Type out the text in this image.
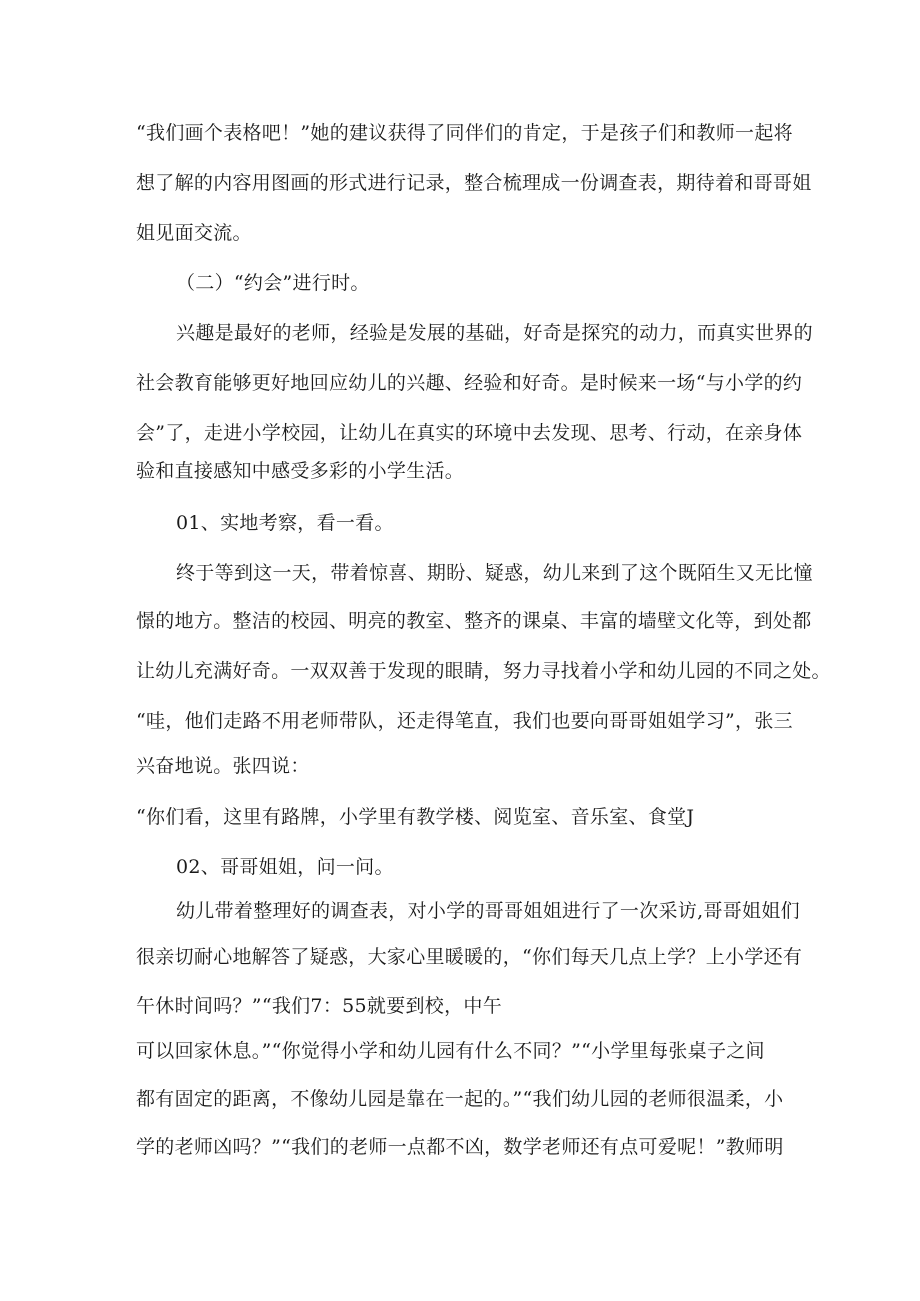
“我们画个表格吧！”她的建议获得了同伴们的肯定，于是孩子们和教师一起将
想了解的内容用图画的形式进行记录，整合梳理成一份调查表，期待着和哥哥姐
姐见面交流。
（二）“约会”进行时。
兴趣是最好的老师，经验是发展的基础，好奇是探究的动力，而真实世界的
社会教育能够更好地回应幼儿的兴趣、经验和好奇。是时候来一场“与小学的约
会”了，走进小学校园，让幼儿在真实的环境中去发现、思考、行动，在亲身体
验和直接感知中感受多彩的小学生活。
01、实地考察，看一看。
终于等到这一天，带着惊喜、期盼、疑惑，幼儿来到了这个既陌生又无比憧
憬的地方。整洁的校园、明亮的教室、整齐的课桌、丰富的墙壁文化等，到处都
让幼儿充满好奇。一双双善于发现的眼睛，努力寻找着小学和幼儿园的不同之处。
“哇，他们走路不用老师带队，还走得笔直，我们也要向哥哥姐姐学习”，张三
兴奋地说。张四说：
“你们看，这里有路牌，小学里有教学楼、阅览室、音乐室、食堂J
02、哥哥姐姐，问一问。
幼儿带着整理好的调查表，对小学的哥哥姐姐进行了一次采访,哥哥姐姐们
很亲切耐心地解答了疑惑，大家心里暖暖的，“你们每天几点上学？上小学还有
午休时间吗？”“我们7：55就要到校，中午
可以回家休息。”“你觉得小学和幼儿园有什么不同？”“小学里每张桌子之间
都有固定的距离，不像幼儿园是靠在一起的。”“我们幼儿园的老师很温柔，小
学的老师凶吗？”“我们的老师一点都不凶，数学老师还有点可爱呢！”教师明
